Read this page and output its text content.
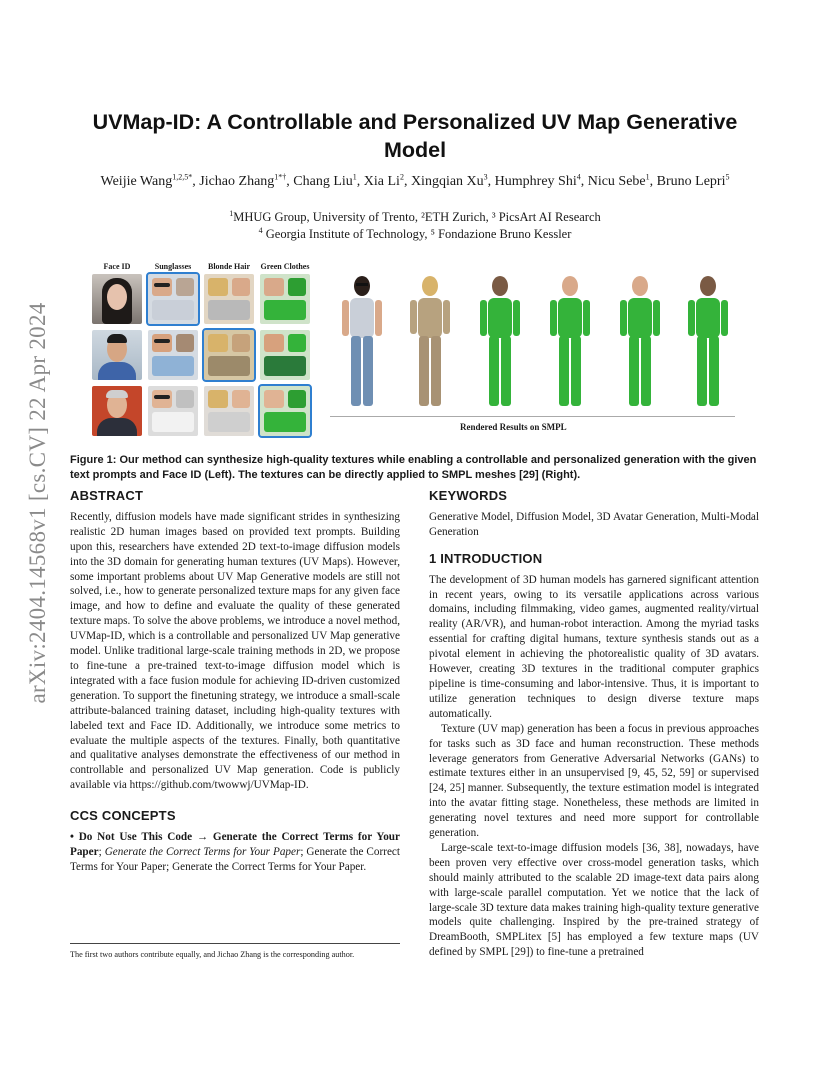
arXiv:2404.14568v1 [cs.CV] 22 Apr 2024
UVMap-ID: A Controllable and Personalized UV Map Generative Model
Weijie Wang$^{1,2,5*}$, Jichao Zhang$^{1*\dagger}$, Chang Liu$^1$, Xia Li$^2$, Xingqian Xu$^3$, Humphrey Shi$^4$, Nicu Sebe$^1$, Bruno Lepri$^5$
$^1$MHUG Group, University of Trento, ²ETH Zurich, ³ PicsArt AI Research
$^4$ Georgia Institute of Technology, ⁵ Fondazione Bruno Kessler
Face ID	Sunglasses	Blonde Hair	Green Clothes
Rendered Results on SMPL
Figure 1: Our method can synthesize high-quality textures while enabling a controllable and personalized generation with the given text prompts and Face ID (Left). The textures can be directly applied to SMPL meshes [29] (Right).
ABSTRACT

Recently, diffusion models have made significant strides in synthesizing realistic 2D human images based on provided text prompts. Building upon this, researchers have extended 2D text-to-image diffusion models into the 3D domain for generating human textures (UV Maps). However, some important problems about UV Map Generative models are still not solved, i.e., how to generate personalized texture maps for any given face image, and how to define and evaluate the quality of these generated texture maps. To solve the above problems, we introduce a novel method, UVMap-ID, which is a controllable and personalized UV Map generative model. Unlike traditional large-scale training methods in 2D, we propose to fine-tune a pre-trained text-to-image diffusion model which is integrated with a face fusion module for achieving ID-driven customized generation. To support the finetuning strategy, we introduce a small-scale attribute-balanced training dataset, including high-quality textures with labeled text and Face ID. Additionally, we introduce some metrics to evaluate the multiple aspects of the textures. Finally, both quantitative and qualitative analyses demonstrate the effectiveness of our method in controllable and personalized UV Map generation. Code is publicly available via https://github.com/twowwj/UVMap-ID.

CCS CONCEPTS

• Do Not Use This Code → Generate the Correct Terms for Your Paper; Generate the Correct Terms for Your Paper; Generate the Correct Terms for Your Paper; Generate the Correct Terms for Your Paper.

The first two authors contribute equally, and Jichao Zhang is the corresponding author.
KEYWORDS

Generative Model, Diffusion Model, 3D Avatar Generation, Multi-Modal Generation

1 INTRODUCTION

The development of 3D human models has garnered significant attention in recent years, owing to its versatile applications across various domains, including filmmaking, video games, augmented reality/virtual reality (AR/VR), and human-robot interaction. Among the myriad tasks essential for crafting digital humans, texture synthesis stands out as a pivotal element in achieving the photorealistic quality of 3D avatars. However, creating 3D textures in the traditional computer graphics pipeline is time-consuming and labor-intensive. Thus, it is important to utilize generation techniques to design diverse texture maps automatically.

Texture (UV map) generation has been a focus in previous approaches for tasks such as 3D face and human reconstruction. These methods leverage generators from Generative Adversarial Networks (GANs) to estimate textures either in an unsupervised [9, 45, 52, 59] or supervised [24, 25] manner. Subsequently, the texture estimation model is integrated into the avatar fitting stage. Nonetheless, these methods are limited in generating novel textures and need more support for controllable generation.

Large-scale text-to-image diffusion models [36, 38], nowadays, have been proven very effective over cross-model generation tasks, which should mainly attributed to the scalable 2D image-text data pairs along with large-scale parallel computation. Yet we notice that the lack of large-scale 3D texture data makes training high-quality texture generative models quite challenging. Inspired by the pre-trained strategy of DreamBooth, SMPLitex [5] has employed a few texture maps (UV defined by SMPL [29]) to fine-tune a pretrained
